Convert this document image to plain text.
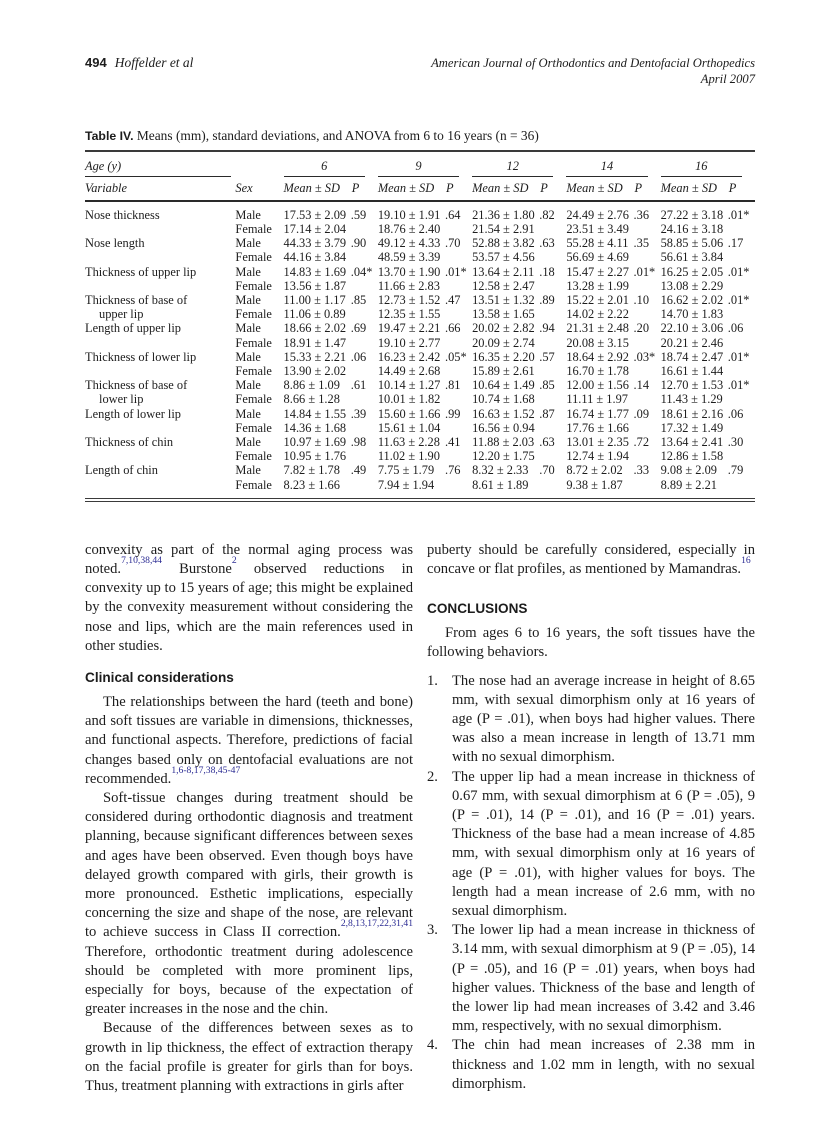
494 Hoffelder et al	American Journal of Orthodontics and Dentofacial Orthopedics
April 2007
Table IV. Means (mm), standard deviations, and ANOVA from 6 to 16 years (n = 36)
Age (y)		6		9		12		14		16	

Variable	Sex	Mean ± SD	P	Mean ± SD	P	Mean ± SD	P	Mean ± SD	P	Mean ± SD	P
Nose thickness	Male	17.53 ± 2.09	.59	19.10 ± 1.91	.64	21.36 ± 1.80	.82	24.49 ± 2.76	.36	27.22 ± 3.18	.01*
	Female	17.14 ± 2.04		18.76 ± 2.40		21.54 ± 2.91		23.51 ± 3.49		24.16 ± 3.18	
Nose length	Male	44.33 ± 3.79	.90	49.12 ± 4.33	.70	52.88 ± 3.82	.63	55.28 ± 4.11	.35	58.85 ± 5.06	.17
	Female	44.16 ± 3.84		48.59 ± 3.39		53.57 ± 4.56		56.69 ± 4.69		56.61 ± 3.84	
Thickness of upper lip	Male	14.83 ± 1.69	.04*	13.70 ± 1.90	.01*	13.64 ± 2.11	.18	15.47 ± 2.27	.01*	16.25 ± 2.05	.01*
	Female	13.56 ± 1.87		11.66 ± 2.83		12.58 ± 2.47		13.28 ± 1.99		13.08 ± 2.29	
Thickness of base of	Male	11.00 ± 1.17	.85	12.73 ± 1.52	.47	13.51 ± 1.32	.89	15.22 ± 2.01	.10	16.62 ± 2.02	.01*
upper lip	Female	11.06 ± 0.89		12.35 ± 1.55		13.58 ± 1.65		14.02 ± 2.22		14.70 ± 1.83	
Length of upper lip	Male	18.66 ± 2.02	.69	19.47 ± 2.21	.66	20.02 ± 2.82	.94	21.31 ± 2.48	.20	22.10 ± 3.06	.06
	Female	18.91 ± 1.47		19.10 ± 2.77		20.09 ± 2.74		20.08 ± 3.15		20.21 ± 2.46	
Thickness of lower lip	Male	15.33 ± 2.21	.06	16.23 ± 2.42	.05*	16.35 ± 2.20	.57	18.64 ± 2.92	.03*	18.74 ± 2.47	.01*
	Female	13.90 ± 2.02		14.49 ± 2.68		15.89 ± 2.61		16.70 ± 1.78		16.61 ± 1.44	
Thickness of base of	Male	8.86 ± 1.09	.61	10.14 ± 1.27	.81	10.64 ± 1.49	.85	12.00 ± 1.56	.14	12.70 ± 1.53	.01*
lower lip	Female	8.66 ± 1.28		10.01 ± 1.82		10.74 ± 1.68		11.11 ± 1.97		11.43 ± 1.29	
Length of lower lip	Male	14.84 ± 1.55	.39	15.60 ± 1.66	.99	16.63 ± 1.52	.87	16.74 ± 1.77	.09	18.61 ± 2.16	.06
	Female	14.36 ± 1.68		15.61 ± 1.04		16.56 ± 0.94		17.76 ± 1.66		17.32 ± 1.49	
Thickness of chin	Male	10.97 ± 1.69	.98	11.63 ± 2.28	.41	11.88 ± 2.03	.63	13.01 ± 2.35	.72	13.64 ± 2.41	.30
	Female	10.95 ± 1.76		11.02 ± 1.90		12.20 ± 1.75		12.74 ± 1.94		12.86 ± 1.58	
Length of chin	Male	7.82 ± 1.78	.49	7.75 ± 1.79	.76	8.32 ± 2.33	.70	8.72 ± 2.02	.33	9.08 ± 2.09	.79
	Female	8.23 ± 1.66		7.94 ± 1.94		8.61 ± 1.89		9.38 ± 1.87		8.89 ± 2.21	

convexity as part of the normal aging process was noted.$^{7,10,38,44}$ Burstone$^2$ observed reductions in convexity up to 15 years of age; this might be explained by the convexity measurement without considering the nose and lips, which are the main references used in other studies.

Clinical considerations

The relationships between the hard (teeth and bone) and soft tissues are variable in dimensions, thicknesses, and functional aspects. Therefore, predictions of facial changes based only on dentofacial evaluations are not recommended.$^{1,6-8,17,38,45-47}$

Soft-tissue changes during treatment should be considered during orthodontic diagnosis and treatment planning, because significant differences between sexes and ages have been observed. Even though boys have delayed growth compared with girls, their growth is more pronounced. Esthetic implications, especially concerning the size and shape of the nose, are relevant to achieve success in Class II correction.$^{2,8,13,17,22,31,41}$ Therefore, orthodontic treatment during adolescence should be completed with more prominent lips, especially for boys, because of the expectation of greater increases in the nose and the chin.

Because of the differences between sexes as to growth in lip thickness, the effect of extraction therapy on the facial profile is greater for girls than for boys. Thus, treatment planning with extractions in girls after

puberty should be carefully considered, especially in concave or flat profiles, as mentioned by Mamandras.$^{16}$

CONCLUSIONS

From ages 6 to 16 years, the soft tissues have the following behaviors.

1. The nose had an average increase in height of 8.65 mm, with sexual dimorphism only at 16 years of age (P = .01), when boys had higher values. There was also a mean increase in length of 13.71 mm with no sexual dimorphism.
2. The upper lip had a mean increase in thickness of 0.67 mm, with sexual dimorphism at 6 (P = .05), 9 (P = .01), 14 (P = .01), and 16 (P = .01) years. Thickness of the base had a mean increase of 4.85 mm, with sexual dimorphism only at 16 years of age (P = .01), with higher values for boys. The length had a mean increase of 2.6 mm, with no sexual dimorphism.
3. The lower lip had a mean increase in thickness of 3.14 mm, with sexual dimorphism at 9 (P = .05), 14 (P = .05), and 16 (P = .01) years, when boys had higher values. Thickness of the base and length of the lower lip had mean increases of 3.42 and 3.46 mm, respectively, with no sexual dimorphism.
4. The chin had mean increases of 2.38 mm in thickness and 1.02 mm in length, with no sexual dimorphism.
